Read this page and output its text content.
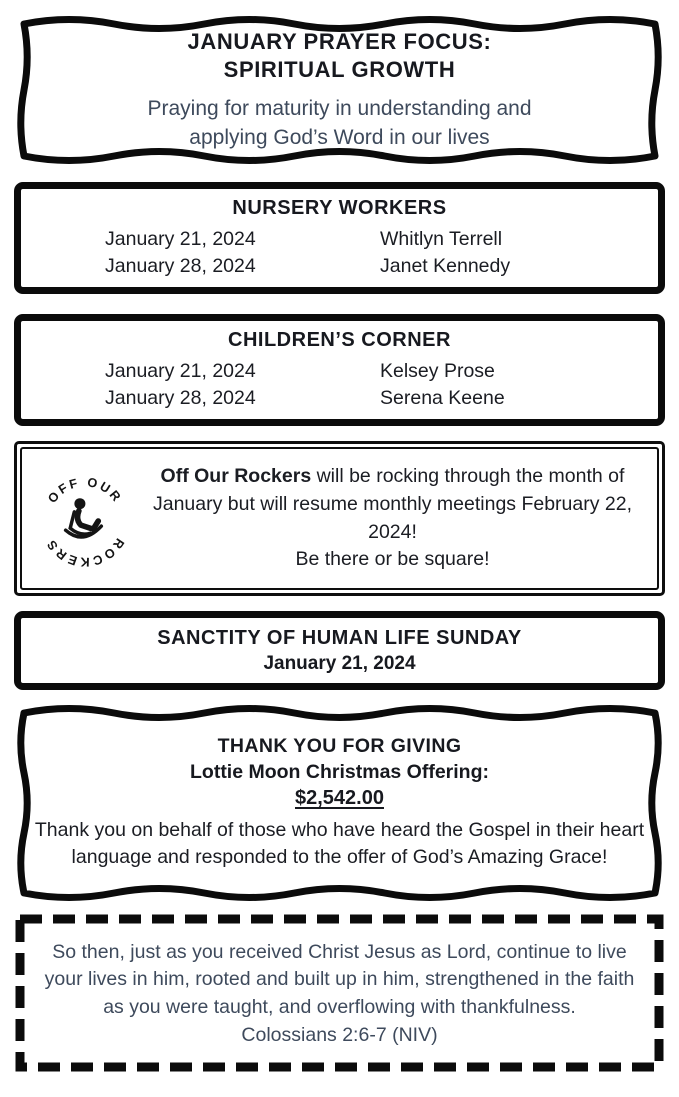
JANUARY PRAYER FOCUS:
SPIRITUAL GROWTH

Praying for maturity in understanding and
applying God’s Word in our lives

NURSERY WORKERS
January 21, 2024	Whitlyn Terrell
January 28, 2024	Janet Kennedy
CHILDREN’S CORNER
January 21, 2024	Kelsey Prose
January 28, 2024	Serena Keene
OFF OUR
ROCKERS

Off Our Rockers will be rocking through the month of January but will resume monthly meetings February 22, 2024!
Be there or be square!

SANCTITY OF HUMAN LIFE SUNDAY

January 21, 2024

THANK YOU FOR GIVING

Lottie Moon Christmas Offering:

$2,542.00

Thank you on behalf of those who have heard the Gospel in their heart language and responded to the offer of God’s Amazing Grace!

So then, just as you received Christ Jesus as Lord, continue to live your lives in him, rooted and built up in him, strengthened in the faith as you were taught, and overflowing with thankfulness.

Colossians 2:6-7 (NIV)
